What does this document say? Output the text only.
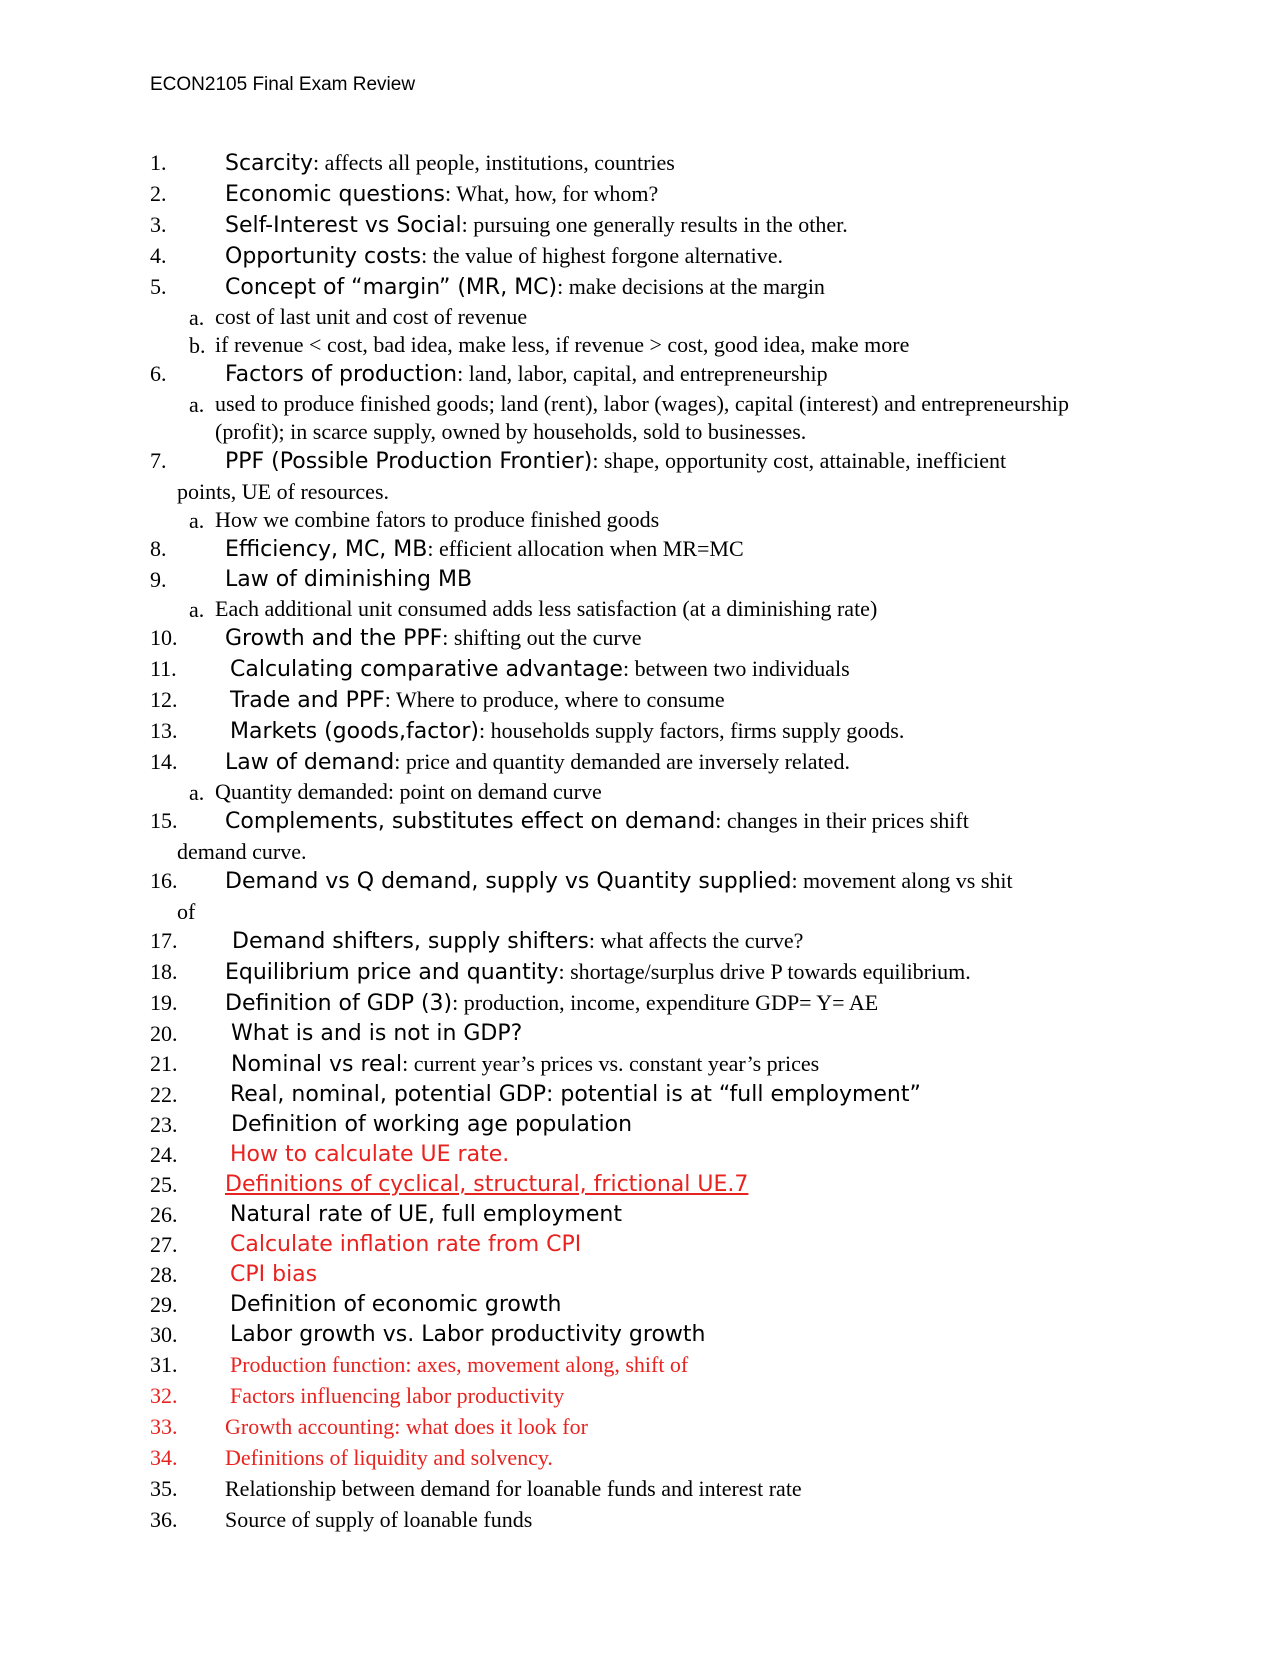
ECON2105 Final Exam Review
1.	Scarcity: affects all people, institutions, countries
2.	Economic questions: What, how, for whom?
3.	Self-Interest vs Social: pursuing one generally results in the other.
4.	Opportunity costs: the value of highest forgone alternative.
5.	Concept of “margin” (MR, MC): make decisions at the margin
a. cost of last unit and cost of revenue
b. if revenue < cost, bad idea, make less, if revenue > cost, good idea, make more
6.	Factors of production: land, labor, capital, and entrepreneurship
a. used to produce finished goods; land (rent), labor (wages), capital (interest) and entrepreneurship (profit); in scarce supply, owned by households, sold to businesses.
7.	PPF (Possible Production Frontier): shape, opportunity cost, attainable, inefficient
points, UE of resources.
a. How we combine fators to produce finished goods
8.	Efficiency, MC, MB: efficient allocation when MR=MC
9.	Law of diminishing MB
a. Each additional unit consumed adds less satisfaction (at a diminishing rate)
10. Growth and the PPF: shifting out the curve
11. Calculating comparative advantage: between two individuals
12. Trade and PPF: Where to produce, where to consume
13. Markets (goods,factor): households supply factors, firms supply goods.
14. Law of demand: price and quantity demanded are inversely related.
a. Quantity demanded: point on demand curve
15. Complements, substitutes effect on demand: changes in their prices shift
demand curve.
16. Demand vs Q demand, supply vs Quantity supplied: movement along vs shit
of
17. Demand shifters, supply shifters: what affects the curve?
18. Equilibrium price and quantity: shortage/surplus drive P towards equilibrium.
19. Definition of GDP (3): production, income, expenditure GDP= Y= AE
20. What is and is not in GDP?
21. Nominal vs real: current year’s prices vs. constant year’s prices
22. Real, nominal, potential GDP: potential is at “full employment”
23. Definition of working age population
24. How to calculate UE rate.
25. Definitions of cyclical, structural, frictional UE.7
26. Natural rate of UE, full employment
27. Calculate inflation rate from CPI
28. CPI bias
29. Definition of economic growth
30. Labor growth vs. Labor productivity growth
31. Production function: axes, movement along, shift of
32. Factors influencing labor productivity
33. Growth accounting: what does it look for
34. Definitions of liquidity and solvency.
35. Relationship between demand for loanable funds and interest rate
36. Source of supply of loanable funds
